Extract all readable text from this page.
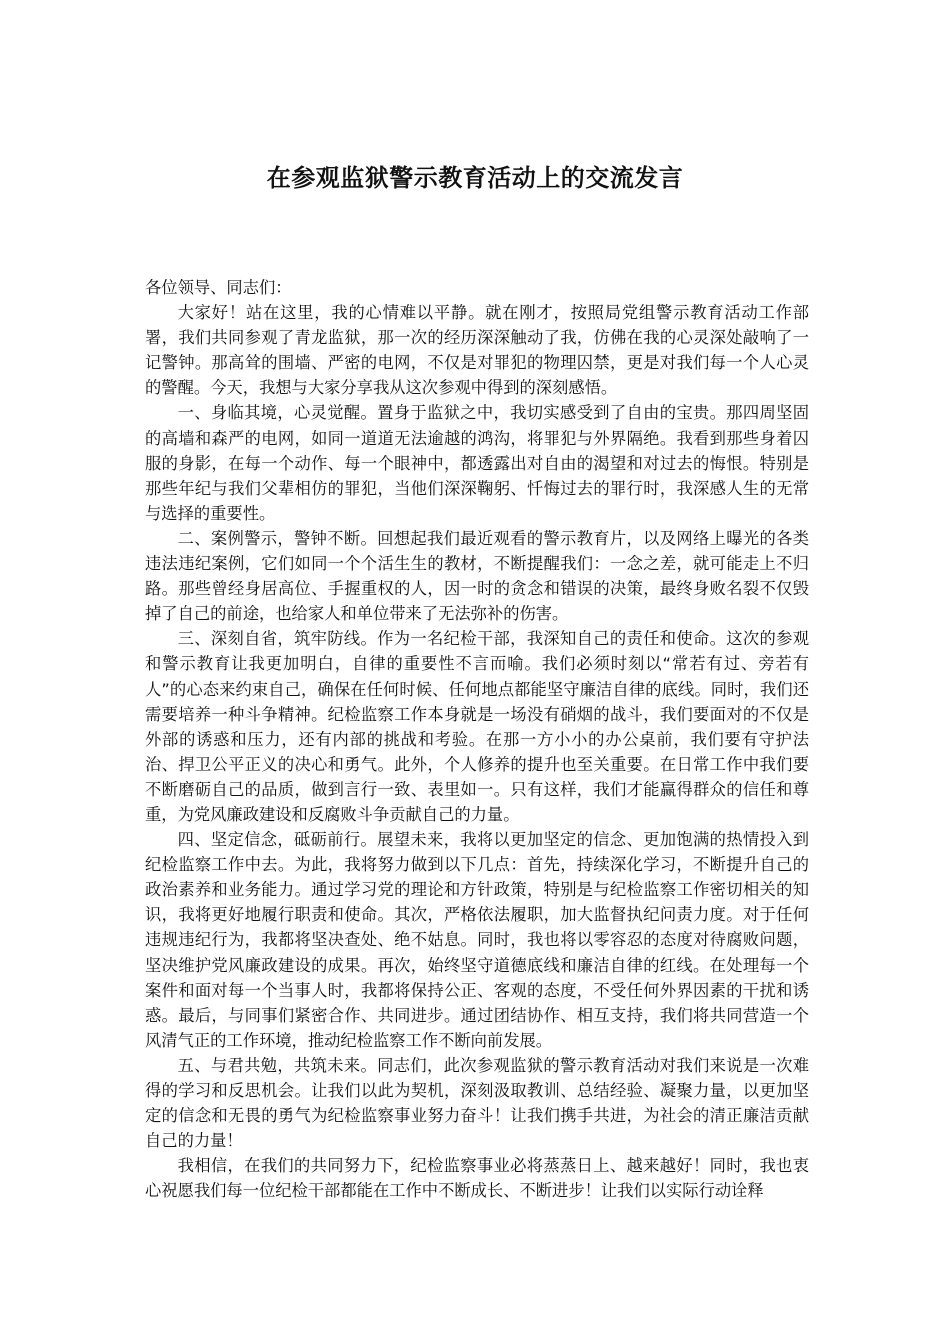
在参观监狱警示教育活动上的交流发言

各位领导、同志们：

大家好！站在这里，我的心情难以平静。就在刚才，按照局党组警示教育活动工作部署，我们共同参观了青龙监狱，那一次的经历深深触动了我，仿佛在我的心灵深处敲响了一记警钟。那高耸的围墙、严密的电网，不仅是对罪犯的物理囚禁，更是对我们每一个人心灵的警醒。今天，我想与大家分享我从这次参观中得到的深刻感悟。

一、身临其境，心灵觉醒。置身于监狱之中，我切实感受到了自由的宝贵。那四周坚固的高墙和森严的电网，如同一道道无法逾越的鸿沟，将罪犯与外界隔绝。我看到那些身着囚服的身影，在每一个动作、每一个眼神中，都透露出对自由的渴望和对过去的悔恨。特别是那些年纪与我们父辈相仿的罪犯，当他们深深鞠躬、忏悔过去的罪行时，我深感人生的无常与选择的重要性。

二、案例警示，警钟不断。回想起我们最近观看的警示教育片，以及网络上曝光的各类违法违纪案例，它们如同一个个活生生的教材，不断提醒我们：一念之差，就可能走上不归路。那些曾经身居高位、手握重权的人，因一时的贪念和错误的决策，最终身败名裂不仅毁掉了自己的前途，也给家人和单位带来了无法弥补的伤害。

三、深刻自省，筑牢防线。作为一名纪检干部，我深知自己的责任和使命。这次的参观和警示教育让我更加明白，自律的重要性不言而喻。我们必须时刻以“常若有过、旁若有人”的心态来约束自己，确保在任何时候、任何地点都能坚守廉洁自律的底线。同时，我们还需要培养一种斗争精神。纪检监察工作本身就是一场没有硝烟的战斗，我们要面对的不仅是外部的诱惑和压力，还有内部的挑战和考验。在那一方小小的办公桌前，我们要有守护法治、捍卫公平正义的决心和勇气。此外，个人修养的提升也至关重要。在日常工作中我们要不断磨砺自己的品质，做到言行一致、表里如一。只有这样，我们才能赢得群众的信任和尊重，为党风廉政建设和反腐败斗争贡献自己的力量。

四、坚定信念，砥砺前行。展望未来，我将以更加坚定的信念、更加饱满的热情投入到纪检监察工作中去。为此，我将努力做到以下几点：首先，持续深化学习，不断提升自己的政治素养和业务能力。通过学习党的理论和方针政策，特别是与纪检监察工作密切相关的知识，我将更好地履行职责和使命。其次，严格依法履职，加大监督执纪问责力度。对于任何违规违纪行为，我都将坚决查处、绝不姑息。同时，我也将以零容忍的态度对待腐败问题，坚决维护党风廉政建设的成果。再次，始终坚守道德底线和廉洁自律的红线。在处理每一个案件和面对每一个当事人时，我都将保持公正、客观的态度，不受任何外界因素的干扰和诱惑。最后，与同事们紧密合作、共同进步。通过团结协作、相互支持，我们将共同营造一个风清气正的工作环境，推动纪检监察工作不断向前发展。

五、与君共勉，共筑未来。同志们，此次参观监狱的警示教育活动对我们来说是一次难得的学习和反思机会。让我们以此为契机，深刻汲取教训、总结经验、凝聚力量，以更加坚定的信念和无畏的勇气为纪检监察事业努力奋斗！让我们携手共进，为社会的清正廉洁贡献自己的力量！

我相信，在我们的共同努力下，纪检监察事业必将蒸蒸日上、越来越好！同时，我也衷心祝愿我们每一位纪检干部都能在工作中不断成长、不断进步！让我们以实际行动诠释
